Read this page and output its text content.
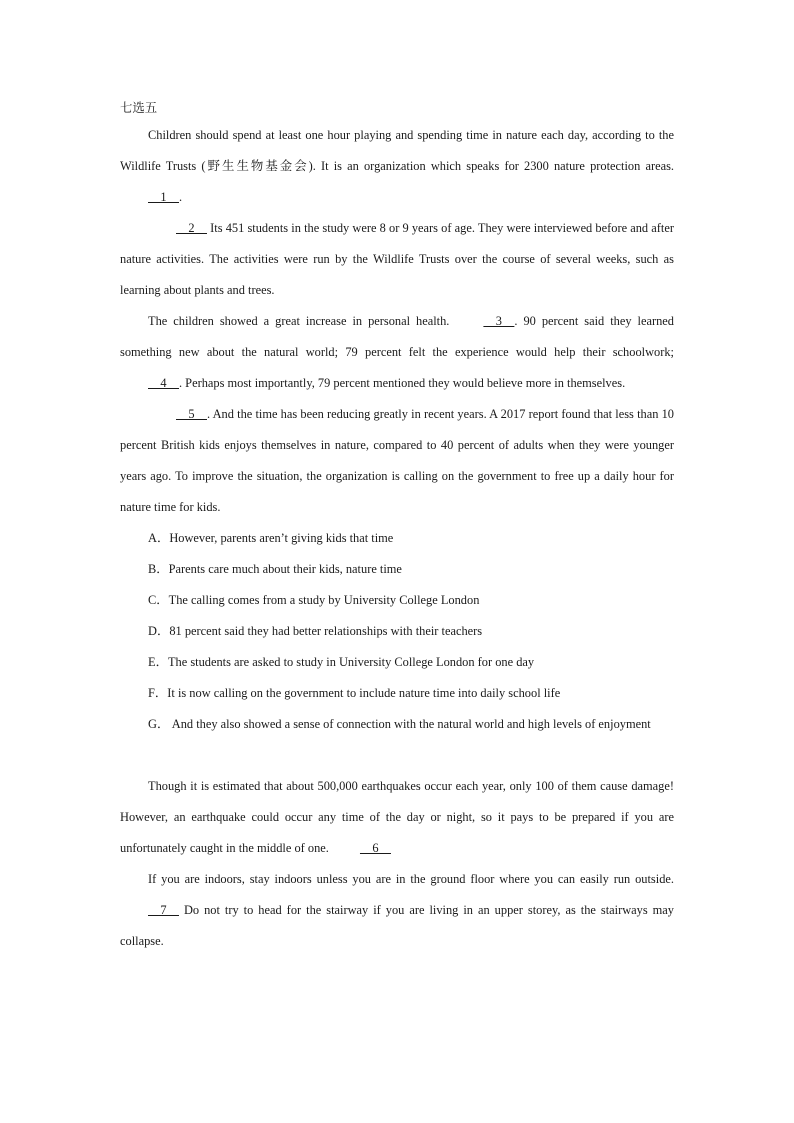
七选五

Children should spend at least one hour playing and spending time in nature each day, according to the Wildlife Trusts (野生生物基金会). It is an organization which speaks for 2300 nature protection areas.     1    .

2     Its 451 students in the study were 8 or 9 years of age. They were interviewed before and after nature activities. The activities were run by the Wildlife Trusts over the course of several weeks, such as learning about plants and trees.

The children showed a great increase in personal health.     3    . 90 percent said they learned something new about the natural world; 79 percent felt the experience would help their schoolwork;     4    . Perhaps most importantly, 79 percent mentioned they would believe more in themselves.

5    . And the time has been reducing greatly in recent years. A 2017 report found that less than 10 percent British kids enjoys themselves in nature, compared to 40 percent of adults when they were younger years ago. To improve the situation, the organization is calling on the government to free up a daily hour for nature time for kids.

A．However, parents aren’t giving kids that time

B．Parents care much about their kids, nature time

C．The calling comes from a study by University College London

D．81 percent said they had better relationships with their teachers

E．The students are asked to study in University College London for one day

F．It is now calling on the government to include nature time into daily school life

G． And they also showed a sense of connection with the natural world and high levels of enjoyment

Though it is estimated that about 500,000 earthquakes occur each year, only 100 of them cause damage! However, an earthquake could occur any time of the day or night, so it pays to be prepared if you are unfortunately caught in the middle of one.     6

If you are indoors, stay indoors unless you are in the ground floor where you can easily run outside.     7     Do not try to head for the stairway if you are living in an upper storey, as the stairways may collapse.
